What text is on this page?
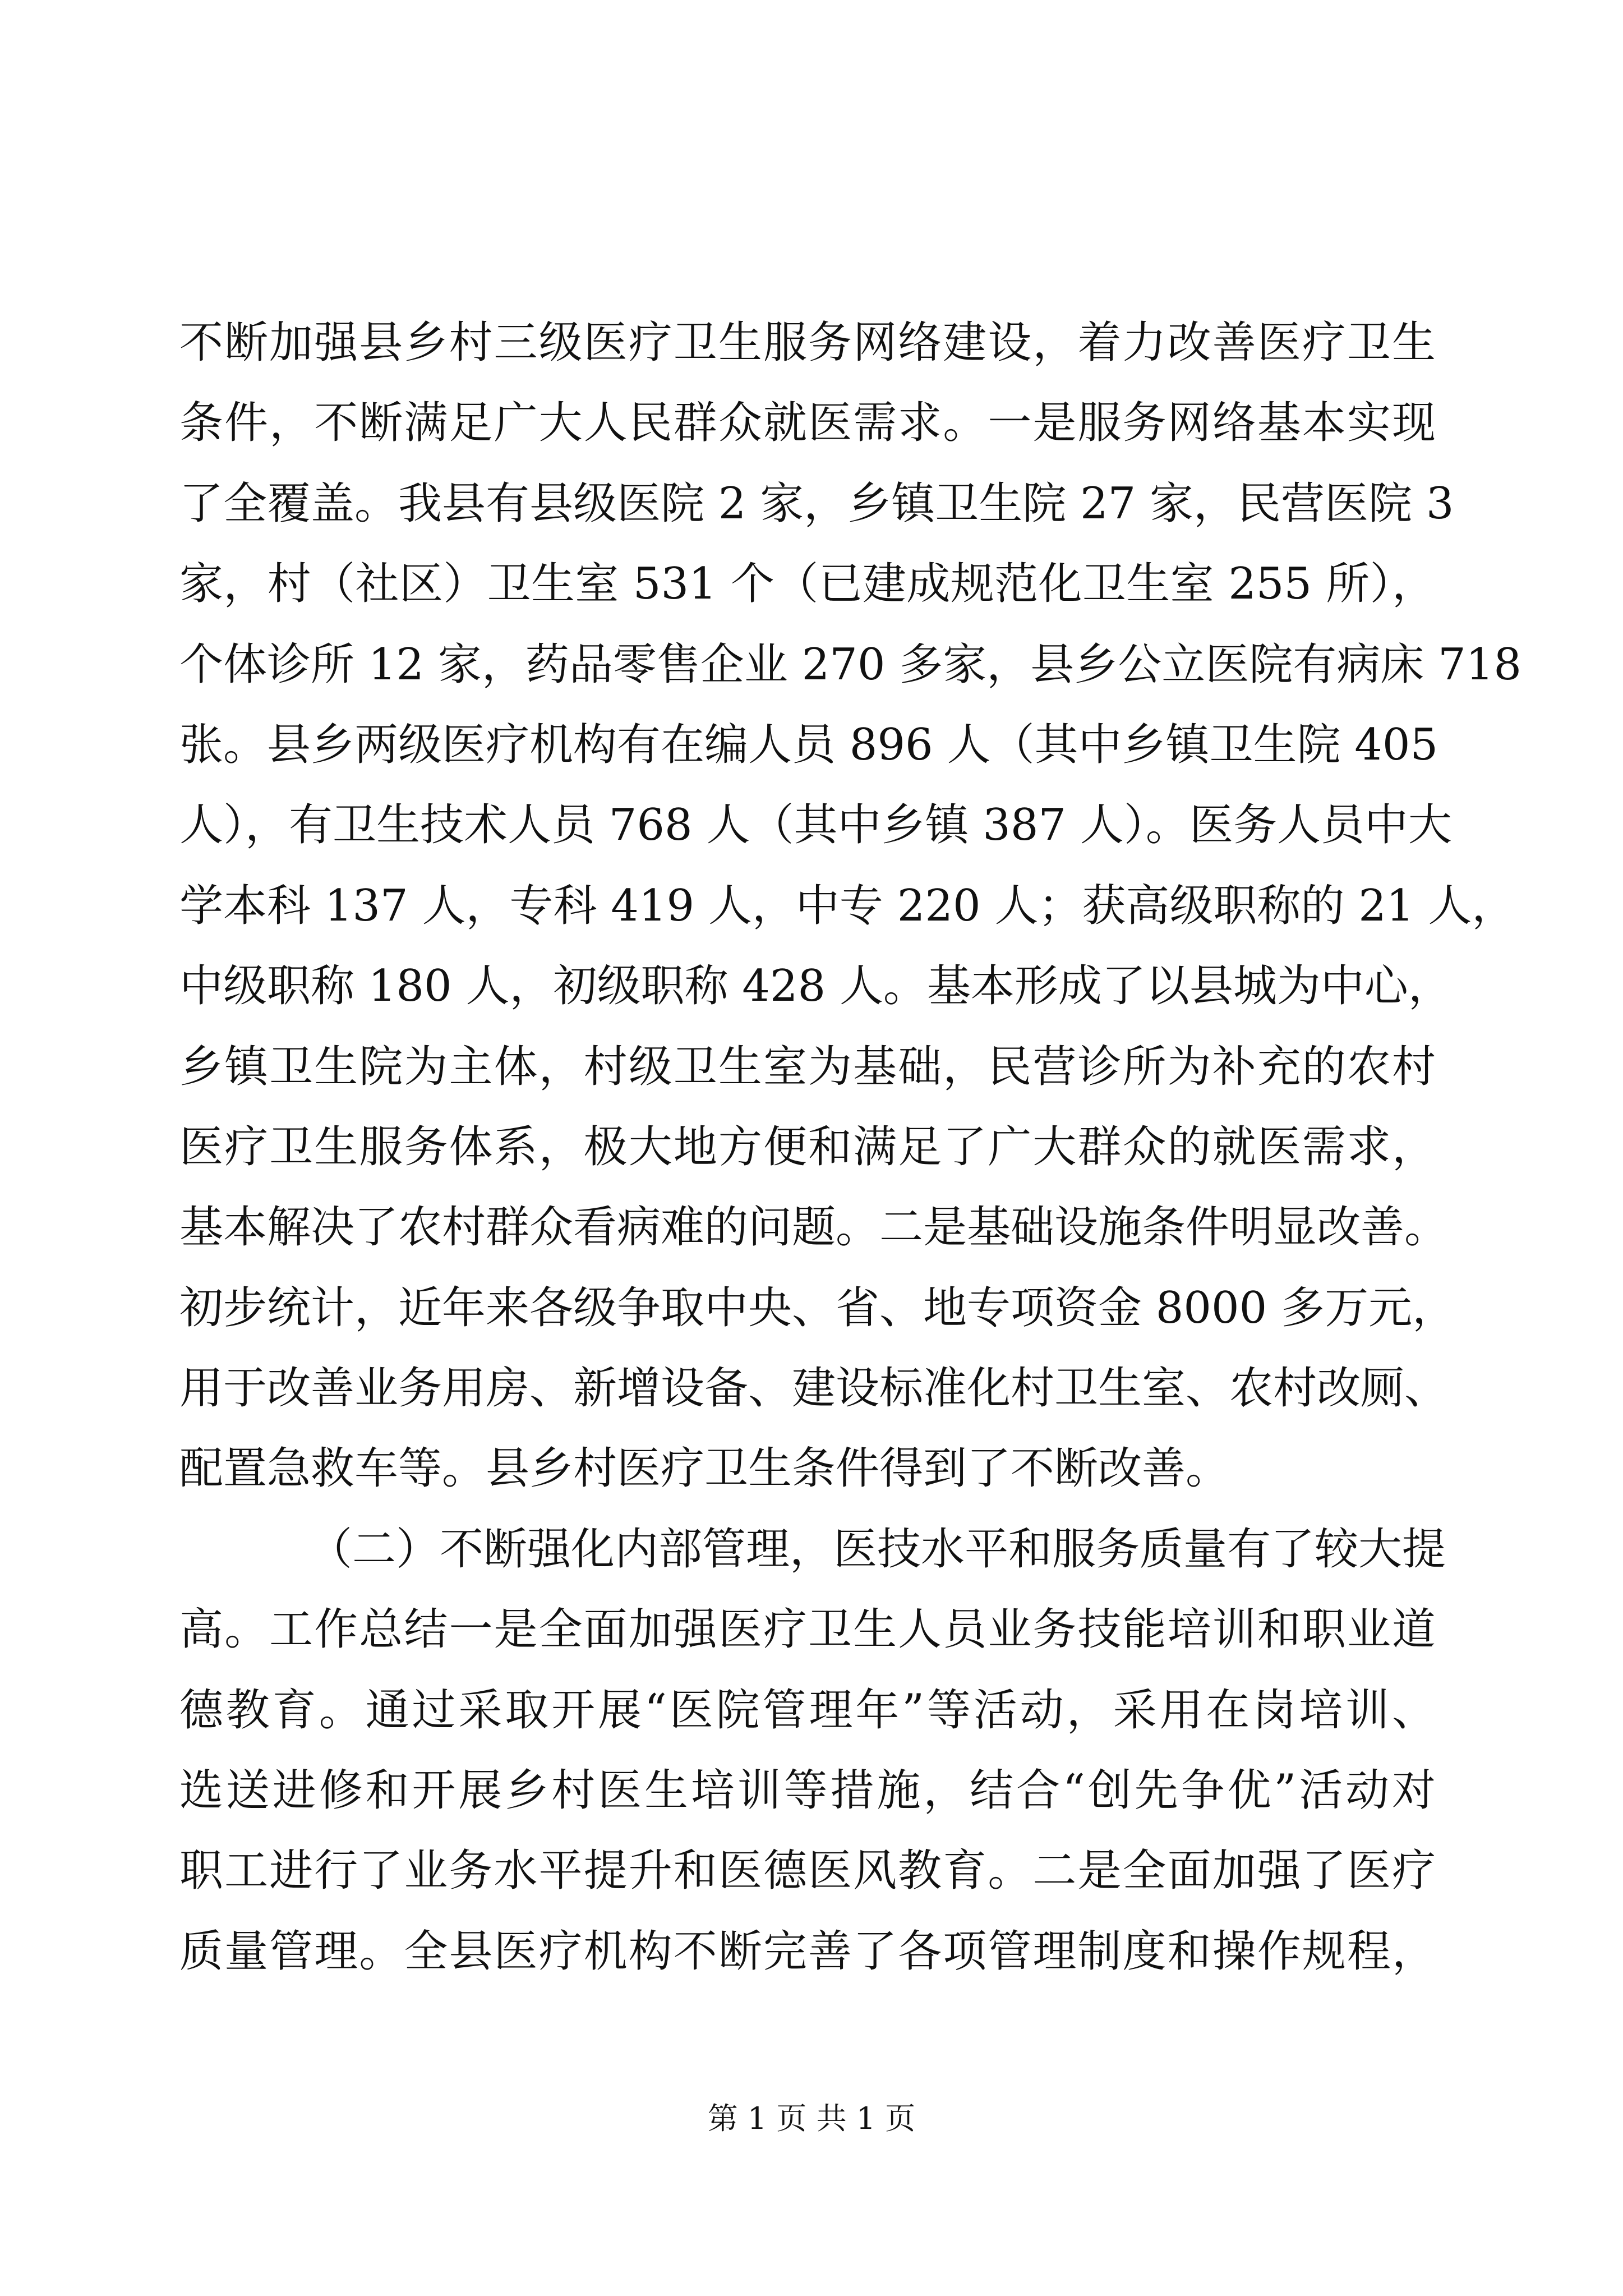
不断加强县乡村三级医疗卫生服务网络建设，着力改善医疗卫生
条件，不断满足广大人民群众就医需求。一是服务网络基本实现
了全覆盖。我县有县级医院 2 家，乡镇卫生院 27 家，民营医院 3
家，村（社区）卫生室 531 个（已建成规范化卫生室 255 所），
个体诊所 12 家，药品零售企业 270 多家，县乡公立医院有病床 718
张。县乡两级医疗机构有在编人员 896 人（其中乡镇卫生院 405
人），有卫生技术人员 768 人（其中乡镇 387 人）。医务人员中大
学本科 137 人，专科 419 人，中专 220 人；获高级职称的 21 人，
中级职称 180 人，初级职称 428 人。基本形成了以县城为中心，
乡镇卫生院为主体，村级卫生室为基础，民营诊所为补充的农村
医疗卫生服务体系，极大地方便和满足了广大群众的就医需求，
基本解决了农村群众看病难的问题。二是基础设施条件明显改善。
初步统计，近年来各级争取中央、省、地专项资金 8000 多万元，
用于改善业务用房、新增设备、建设标准化村卫生室、农村改厕、
配置急救车等。县乡村医疗卫生条件得到了不断改善。
（二）不断强化内部管理，医技水平和服务质量有了较大提
高。工作总结一是全面加强医疗卫生人员业务技能培训和职业道
德教育。通过采取开展“医院管理年”等活动，采用在岗培训、
选送进修和开展乡村医生培训等措施，结合“创先争优”活动对
职工进行了业务水平提升和医德医风教育。二是全面加强了医疗
质量管理。全县医疗机构不断完善了各项管理制度和操作规程，
第 1 页 共 1 页
